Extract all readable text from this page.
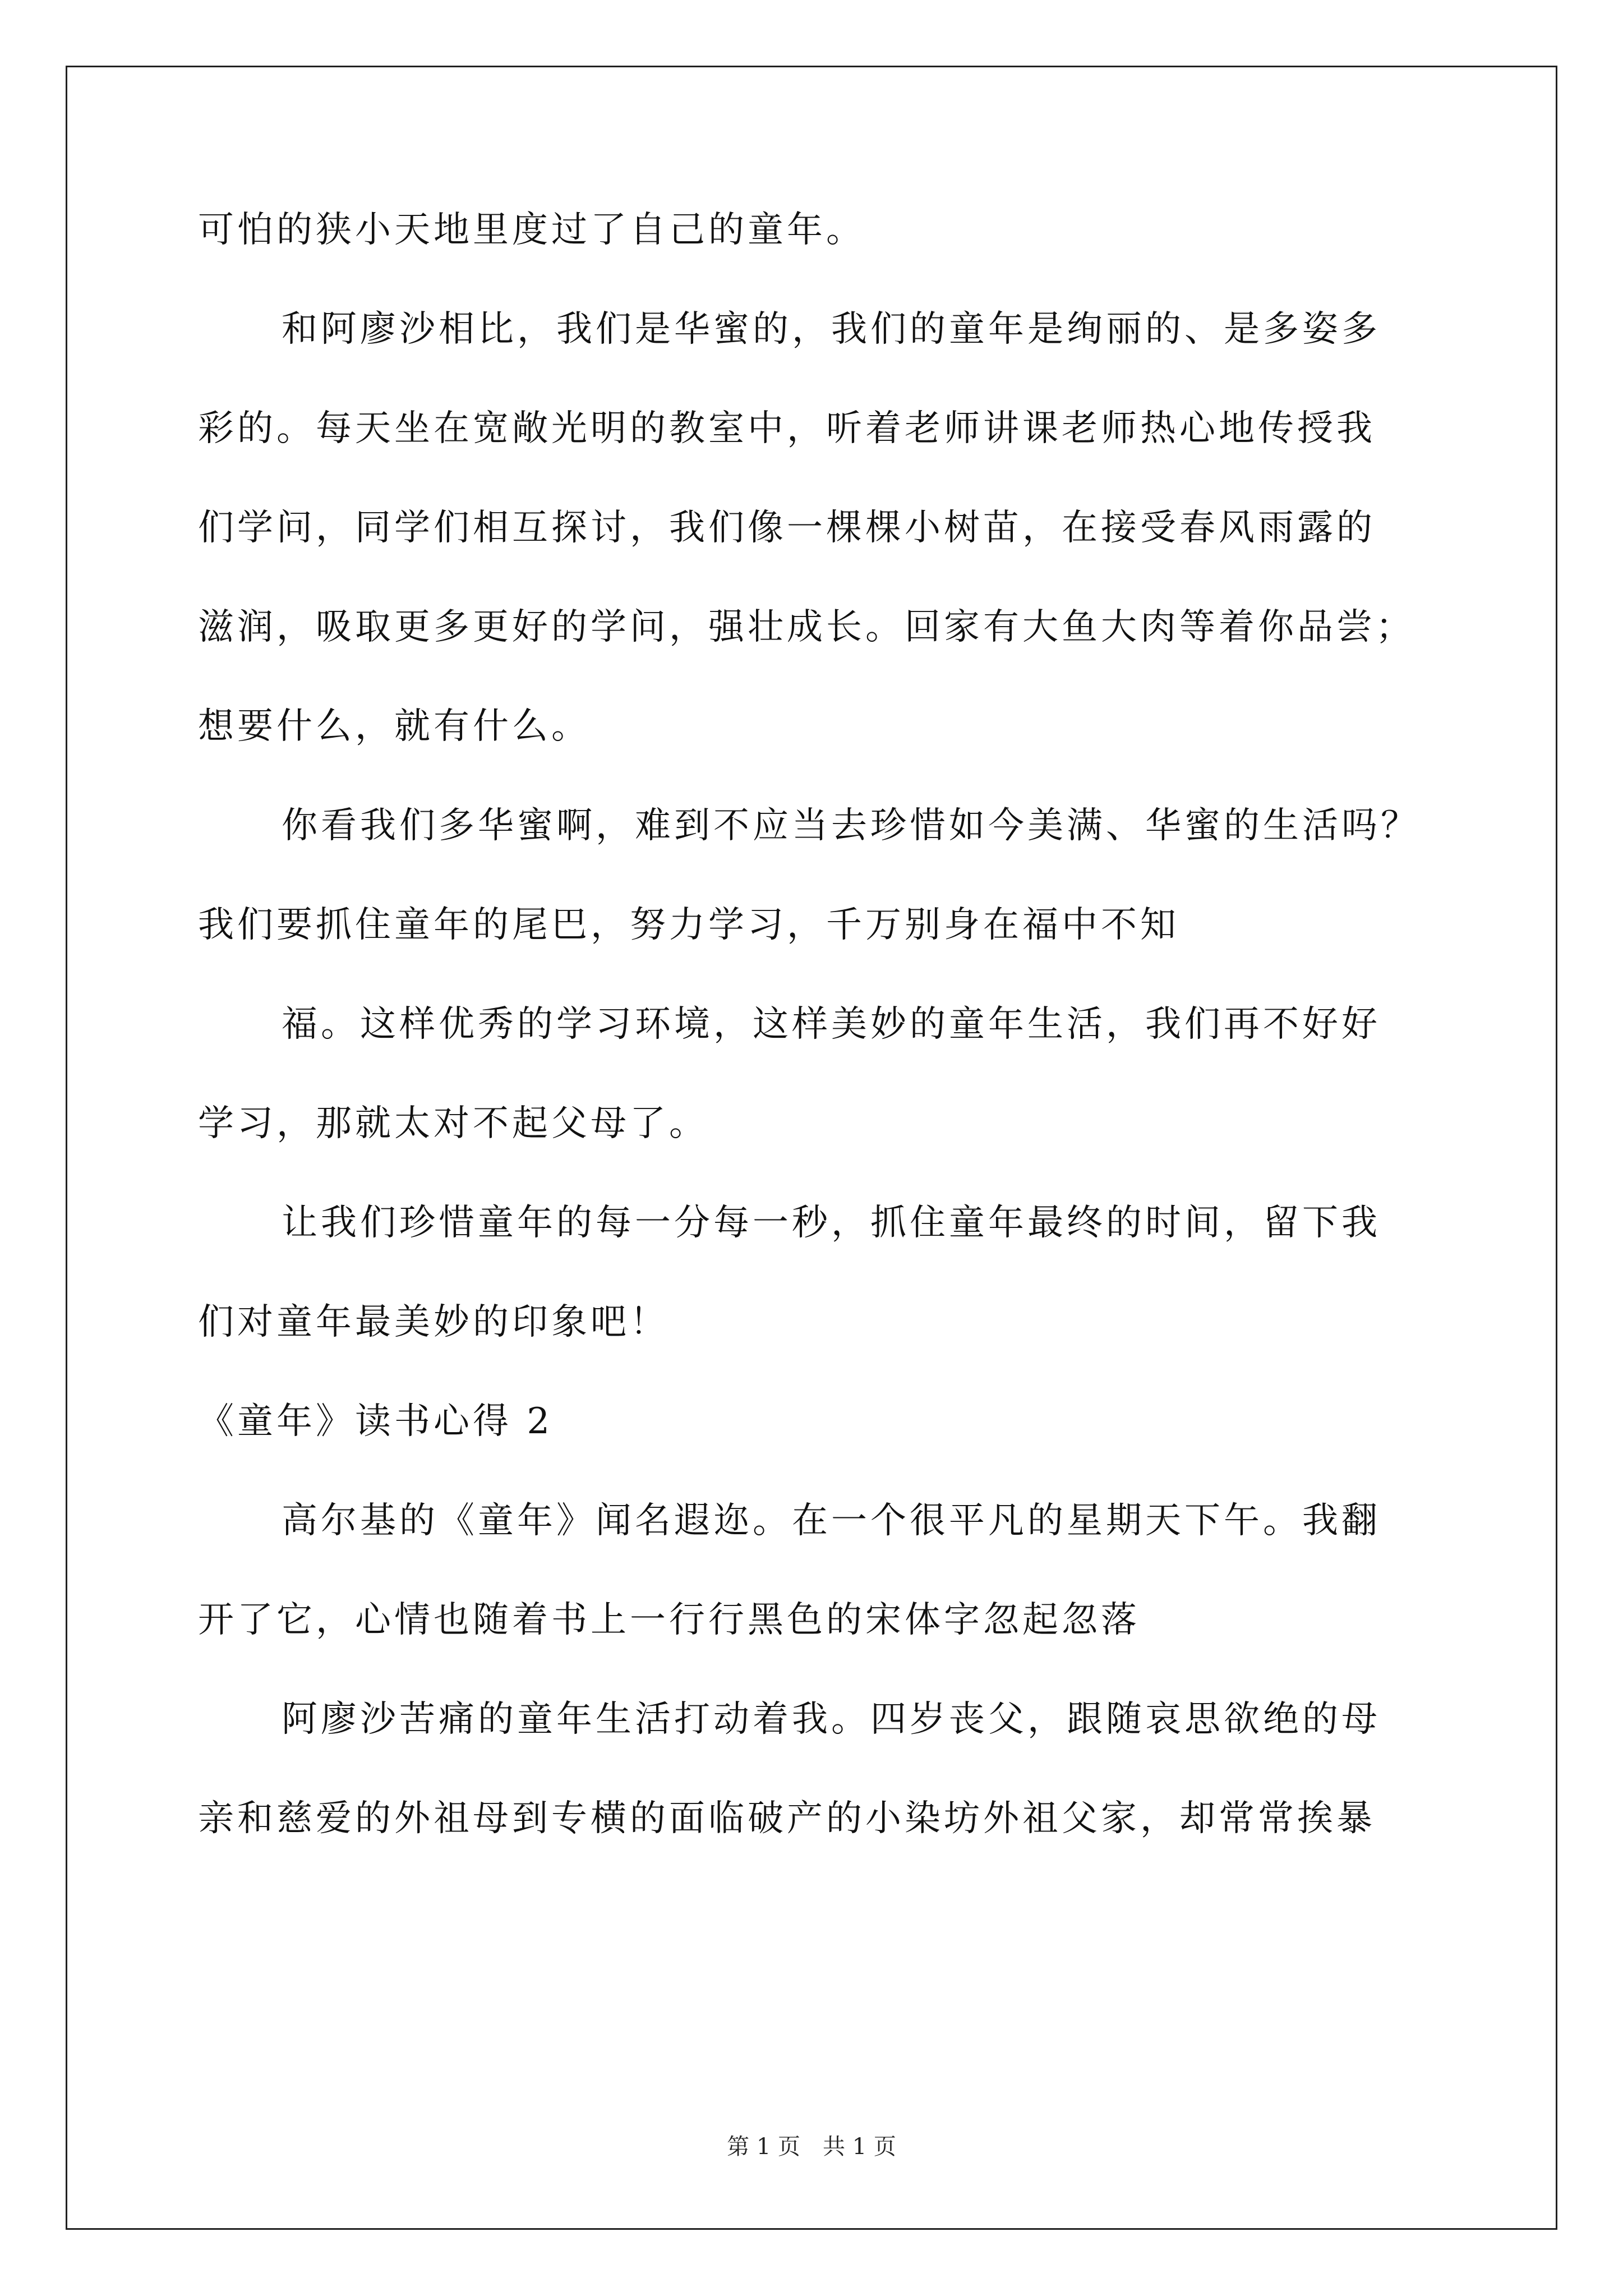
可怕的狭小天地里度过了自己的童年。
和阿廖沙相比，我们是华蜜的，我们的童年是绚丽的、是多姿多
彩的。每天坐在宽敞光明的教室中，听着老师讲课老师热心地传授我
们学问，同学们相互探讨，我们像一棵棵小树苗，在接受春风雨露的
滋润，吸取更多更好的学问，强壮成长。回家有大鱼大肉等着你品尝；
想要什么，就有什么。
你看我们多华蜜啊，难到不应当去珍惜如今美满、华蜜的生活吗？
我们要抓住童年的尾巴，努力学习，千万别身在福中不知
福。这样优秀的学习环境，这样美妙的童年生活，我们再不好好
学习，那就太对不起父母了。
让我们珍惜童年的每一分每一秒，抓住童年最终的时间，留下我
们对童年最美妙的印象吧！
《童年》读书心得 2
高尔基的《童年》闻名遐迩。在一个很平凡的星期天下午。我翻
开了它，心情也随着书上一行行黑色的宋体字忽起忽落
阿廖沙苦痛的童年生活打动着我。四岁丧父，跟随哀思欲绝的母
亲和慈爱的外祖母到专横的面临破产的小染坊外祖父家，却常常挨暴
第 1 页　共 1 页
